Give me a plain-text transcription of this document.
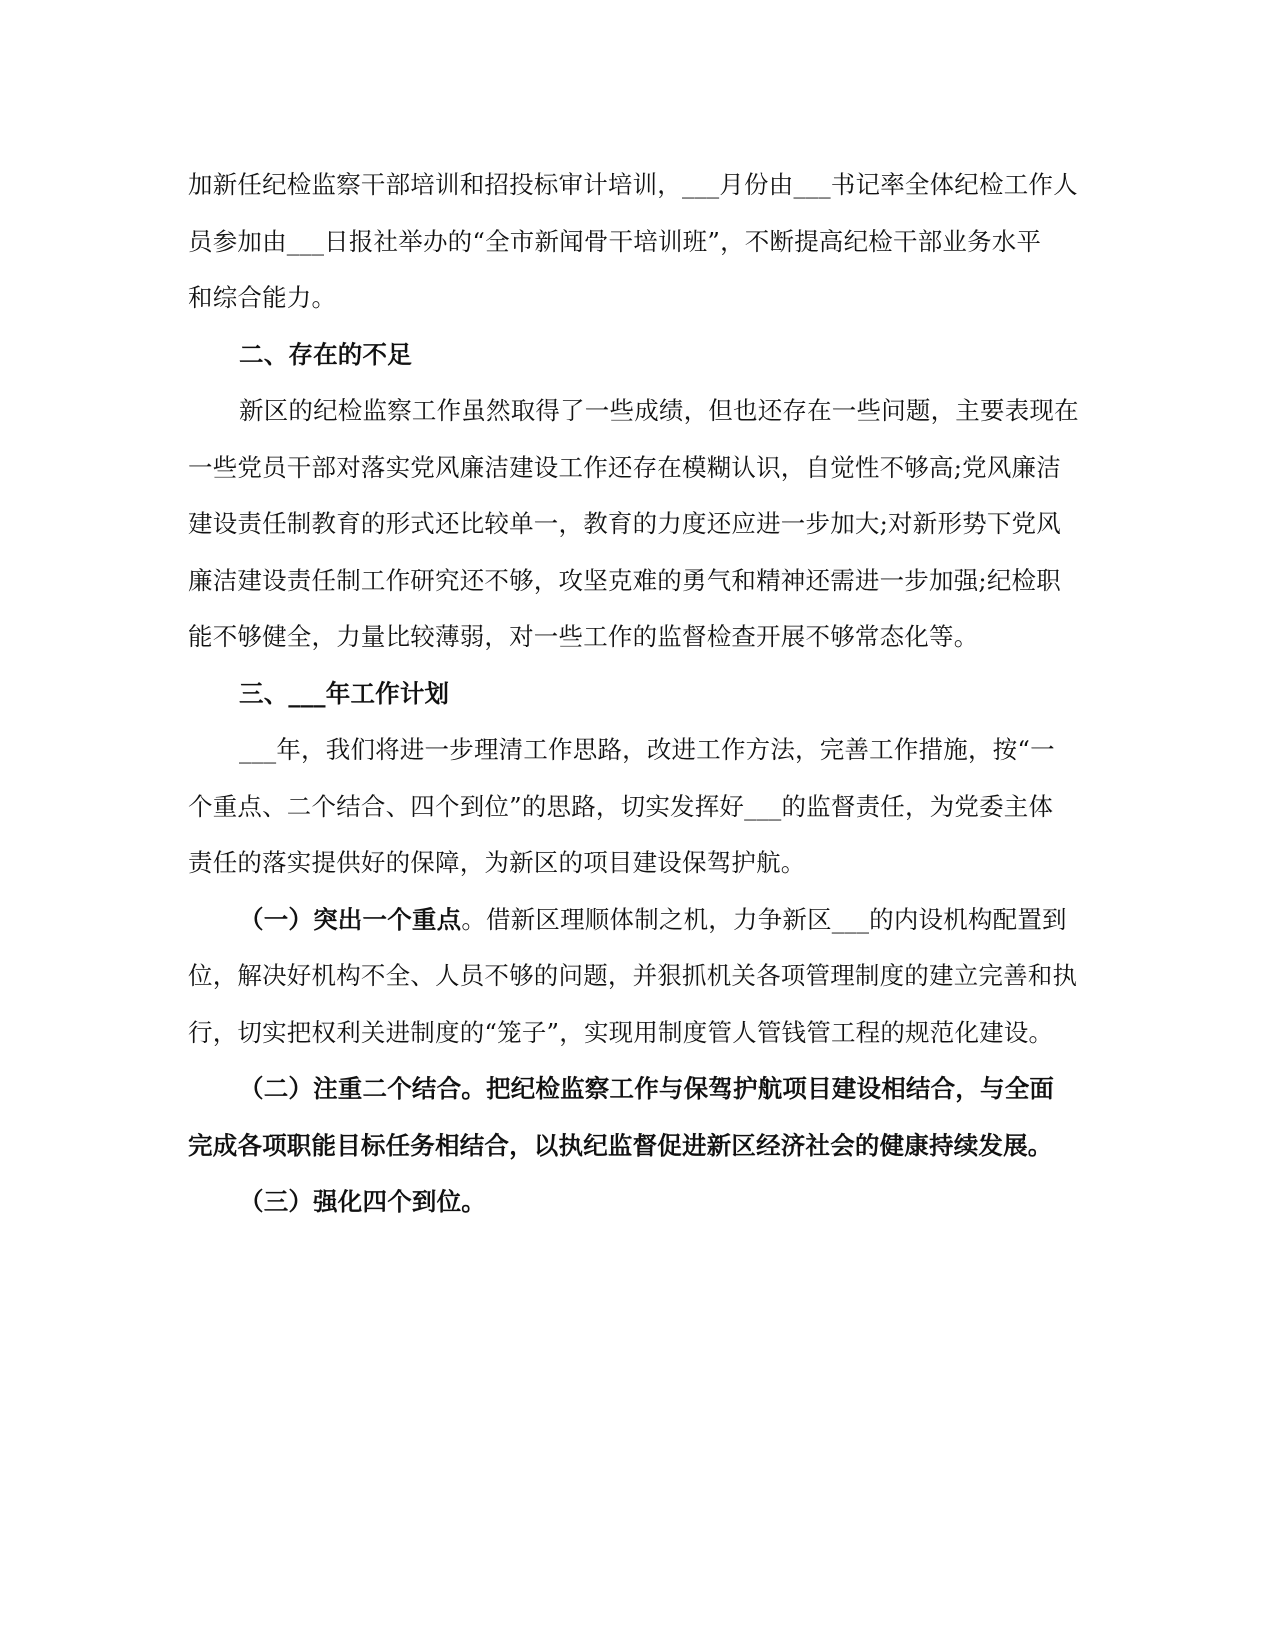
加新任纪检监察干部培训和招投标审计培训，___月份由___书记率全体纪检工作人
员参加由___日报社举办的“全市新闻骨干培训班”，不断提高纪检干部业务水平
和综合能力。
二、存在的不足
新区的纪检监察工作虽然取得了一些成绩，但也还存在一些问题，主要表现在
一些党员干部对落实党风廉洁建设工作还存在模糊认识，自觉性不够高;党风廉洁
建设责任制教育的形式还比较单一，教育的力度还应进一步加大;对新形势下党风
廉洁建设责任制工作研究还不够，攻坚克难的勇气和精神还需进一步加强;纪检职
能不够健全，力量比较薄弱，对一些工作的监督检查开展不够常态化等。
三、___年工作计划
___年，我们将进一步理清工作思路，改进工作方法，完善工作措施，按“一
个重点、二个结合、四个到位”的思路，切实发挥好___的监督责任，为党委主体
责任的落实提供好的保障，为新区的项目建设保驾护航。
（一）突出一个重点。借新区理顺体制之机，力争新区___的内设机构配置到
位，解决好机构不全、人员不够的问题，并狠抓机关各项管理制度的建立完善和执
行，切实把权利关进制度的“笼子”，实现用制度管人管钱管工程的规范化建设。
（二）注重二个结合。把纪检监察工作与保驾护航项目建设相结合，与全面
完成各项职能目标任务相结合，以执纪监督促进新区经济社会的健康持续发展。
（三）强化四个到位。
